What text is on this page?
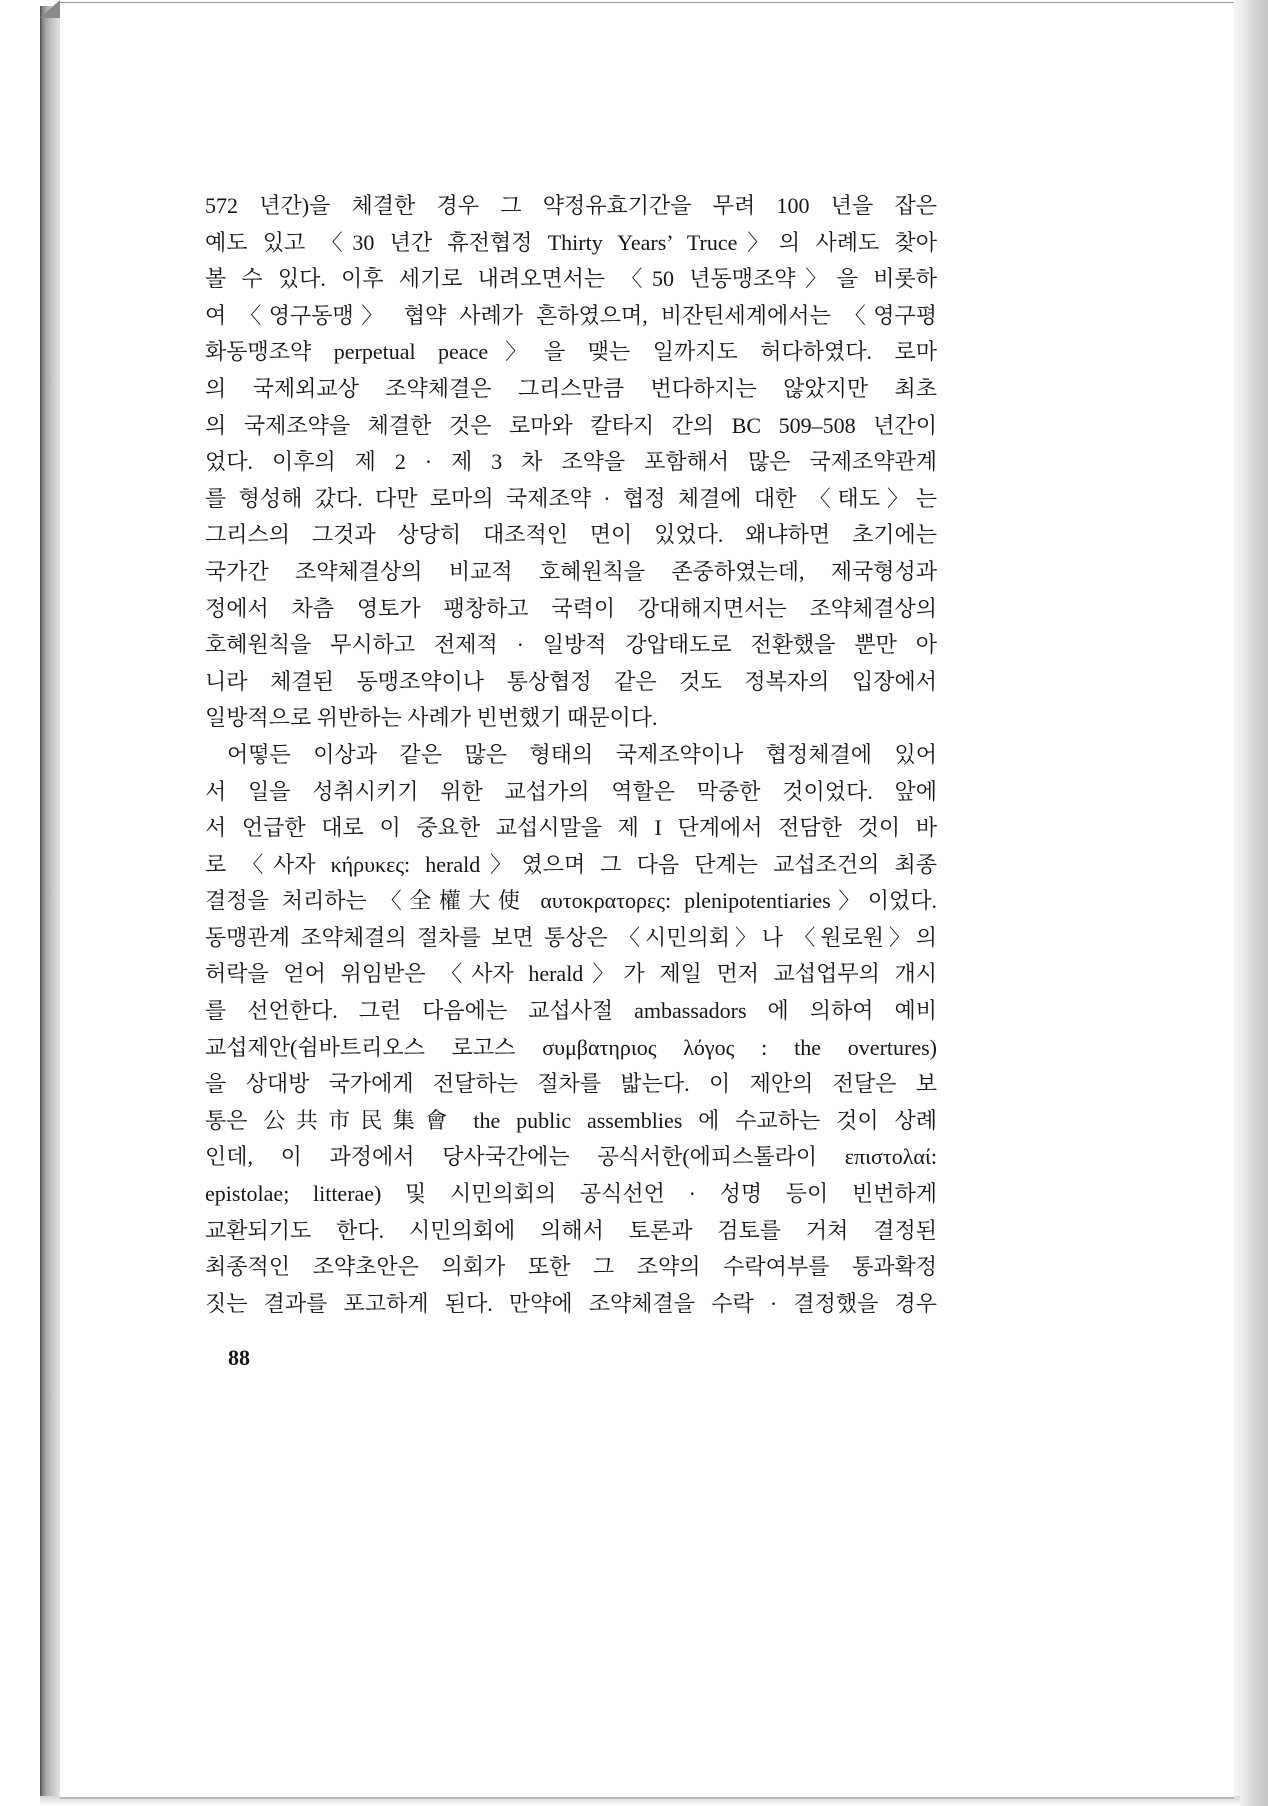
572 년간)을 체결한 경우 그 약정유효기간을 무려 100 년을 잡은
예도 있고 〈30 년간 휴전협정 Thirty Years’ Truce〉의 사례도 찾아
볼 수 있다. 이후 세기로 내려오면서는 〈50 년동맹조약〉을 비롯하
여 〈영구동맹〉 협약 사례가 흔하였으며, 비잔틴세계에서는 〈영구평
화동맹조약 perpetual peace〉을 맺는 일까지도 허다하였다. 로마
의 국제외교상 조약체결은 그리스만큼 번다하지는 않았지만 최초
의 국제조약을 체결한 것은 로마와 칼타지 간의 BC 509–508 년간이
었다. 이후의 제 2 · 제 3 차 조약을 포함해서 많은 국제조약관계
를 형성해 갔다. 다만 로마의 국제조약 · 협정 체결에 대한 〈태도〉는
그리스의 그것과 상당히 대조적인 면이 있었다. 왜냐하면 초기에는
국가간 조약체결상의 비교적 호혜원칙을 존중하였는데, 제국형성과
정에서 차츰 영토가 팽창하고 국력이 강대해지면서는 조약체결상의
호혜원칙을 무시하고 전제적 · 일방적 강압태도로 전환했을 뿐만 아
니라 체결된 동맹조약이나 통상협정 같은 것도 정복자의 입장에서
일방적으로 위반하는 사례가 빈번했기 때문이다.
어떻든 이상과 같은 많은 형태의 국제조약이나 협정체결에 있어
서 일을 성취시키기 위한 교섭가의 역할은 막중한 것이었다. 앞에
서 언급한 대로 이 중요한 교섭시말을 제 I 단계에서 전담한 것이 바
로 〈사자 κήρυκες: herald〉였으며 그 다음 단계는 교섭조건의 최종
결정을 처리하는 〈全權大使 αυτοκρατορες: plenipotentiaries〉이었다.
동맹관계 조약체결의 절차를 보면 통상은 〈시민의회〉나 〈원로원〉의
허락을 얻어 위임받은 〈사자 herald〉가 제일 먼저 교섭업무의 개시
를 선언한다. 그런 다음에는 교섭사절 ambassadors 에 의하여 예비
교섭제안(쉼바트리오스 로고스 συμβατηριος λόγος : the overtures)
을 상대방 국가에게 전달하는 절차를 밟는다. 이 제안의 전달은 보
통은 公共市民集會 the public assemblies 에 수교하는 것이 상례
인데, 이 과정에서 당사국간에는 공식서한(에피스톨라이 επιστολαί:
epistolae; litterae) 및 시민의회의 공식선언 · 성명 등이 빈번하게
교환되기도 한다. 시민의회에 의해서 토론과 검토를 거쳐 결정된
최종적인 조약초안은 의회가 또한 그 조약의 수락여부를 통과확정
짓는 결과를 포고하게 된다. 만약에 조약체결을 수락 · 결정했을 경우
88
